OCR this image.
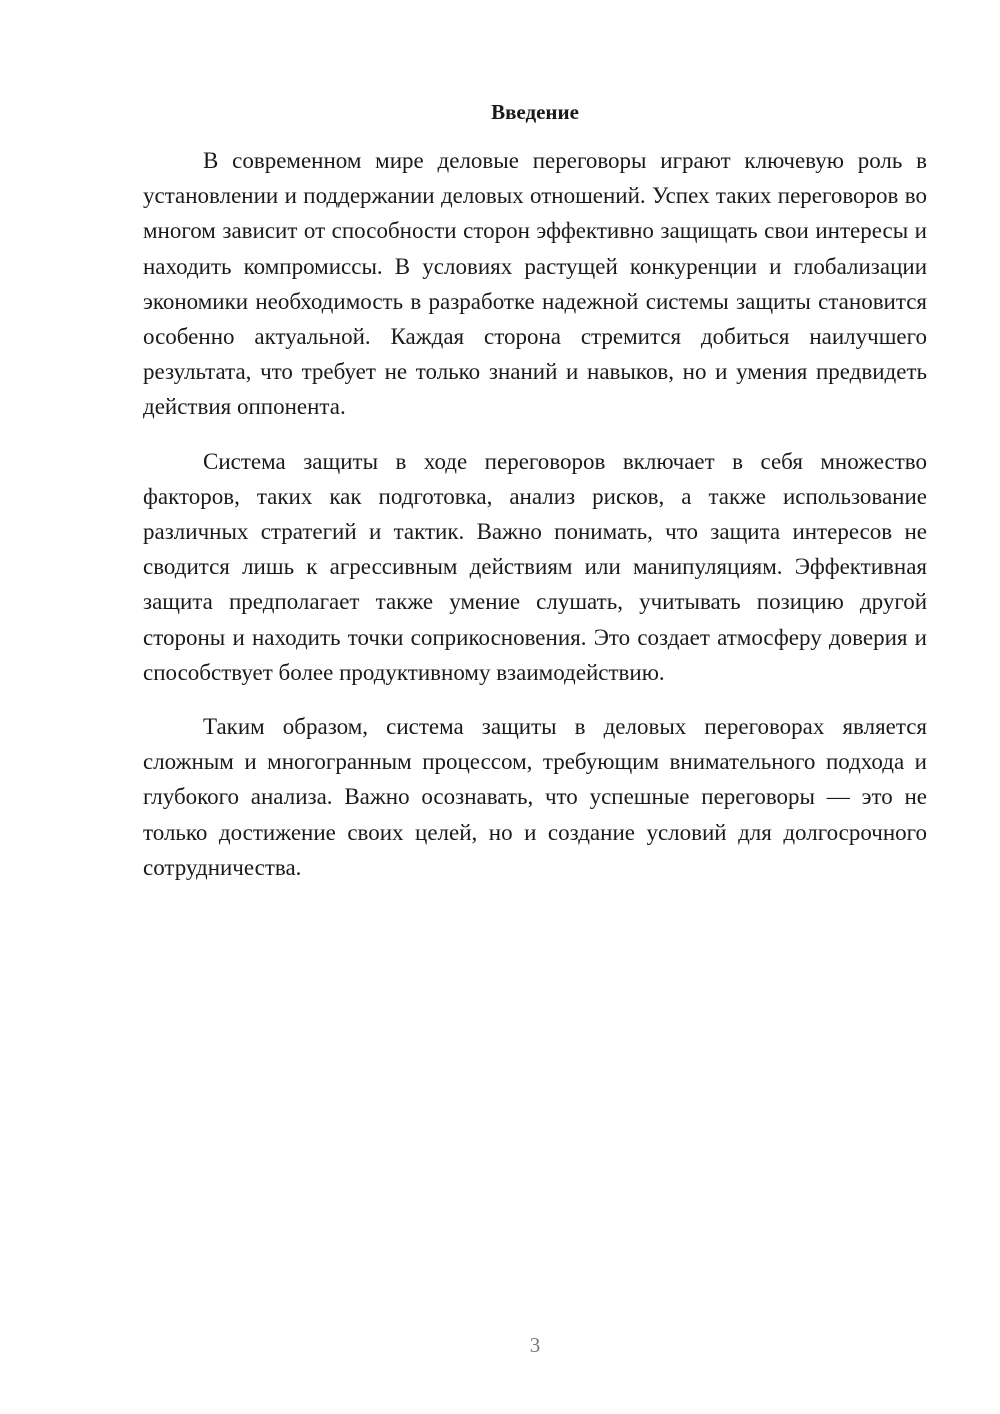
Введение

В современном мире деловые переговоры играют ключевую роль в установлении и поддержании деловых отношений. Успех таких переговоров во многом зависит от способности сторон эффективно защищать свои интересы и находить компромиссы. В условиях растущей конкуренции и глобализации экономики необходимость в разработке надежной системы защиты становится особенно актуальной. Каждая сторона стремится добиться наилучшего результата, что требует не только знаний и навыков, но и умения предвидеть действия оппонента.

Система защиты в ходе переговоров включает в себя множество факторов, таких как подготовка, анализ рисков, а также использование различных стратегий и тактик. Важно понимать, что защита интересов не сводится лишь к агрессивным действиям или манипуляциям. Эффективная защита предполагает также умение слушать, учитывать позицию другой стороны и находить точки соприкосновения. Это создает атмосферу доверия и способствует более продуктивному взаимодействию.

Таким образом, система защиты в деловых переговорах является сложным и многогранным процессом, требующим внимательного подхода и глубокого анализа. Важно осознавать, что успешные переговоры — это не только достижение своих целей, но и создание условий для долгосрочного сотрудничества.

3
